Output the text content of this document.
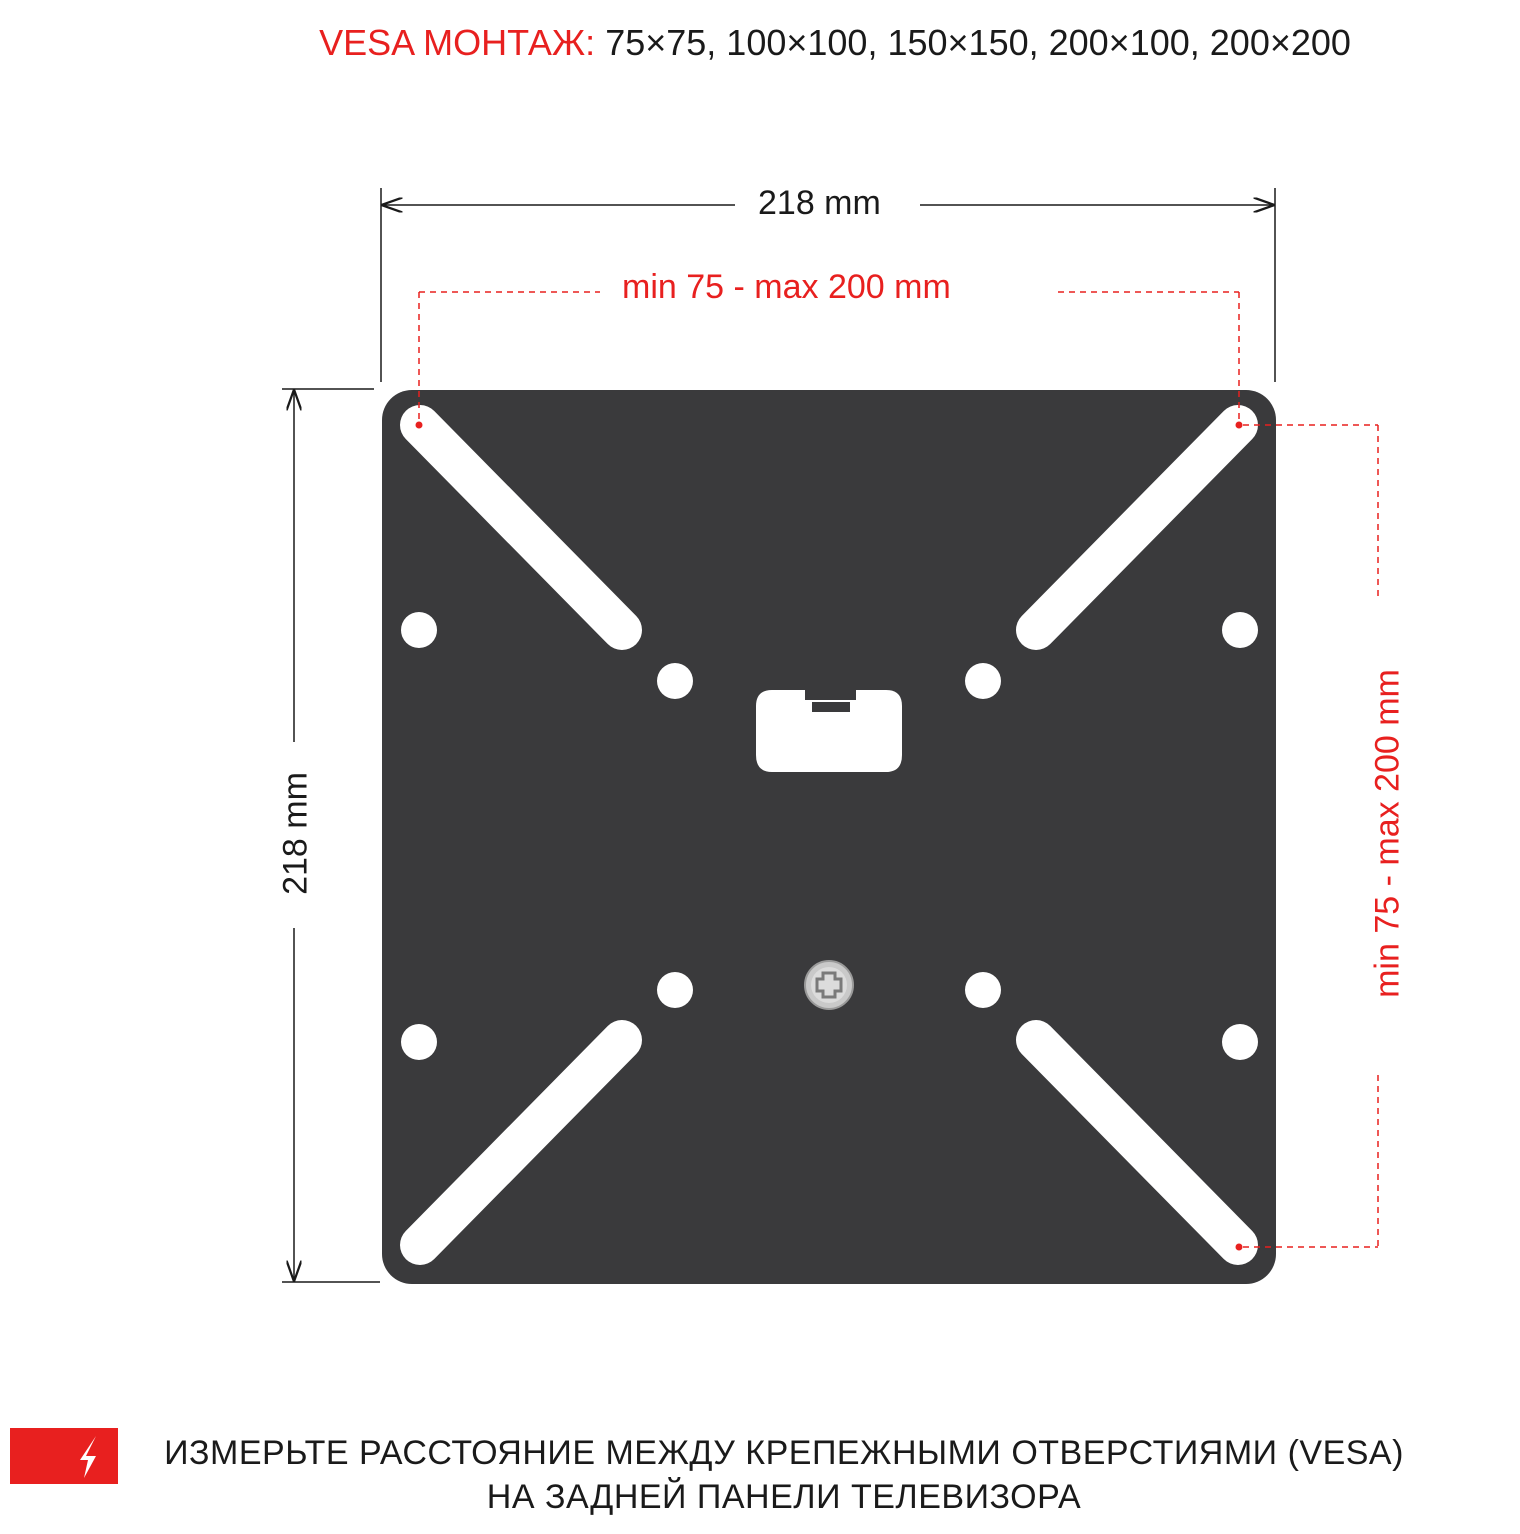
VESA МОНТАЖ: 75×75, 100×100, 150×150, 200×100, 200×200
218 mm
min 75 - max 200 mm
218 mm	min 75 - max 200 mm
ИЗМЕРЬТЕ РАССТОЯНИЕ МЕЖДУ КРЕПЕЖНЫМИ ОТВЕРСТИЯМИ (VESA)
НА ЗАДНЕЙ ПАНЕЛИ ТЕЛЕВИЗОРА
